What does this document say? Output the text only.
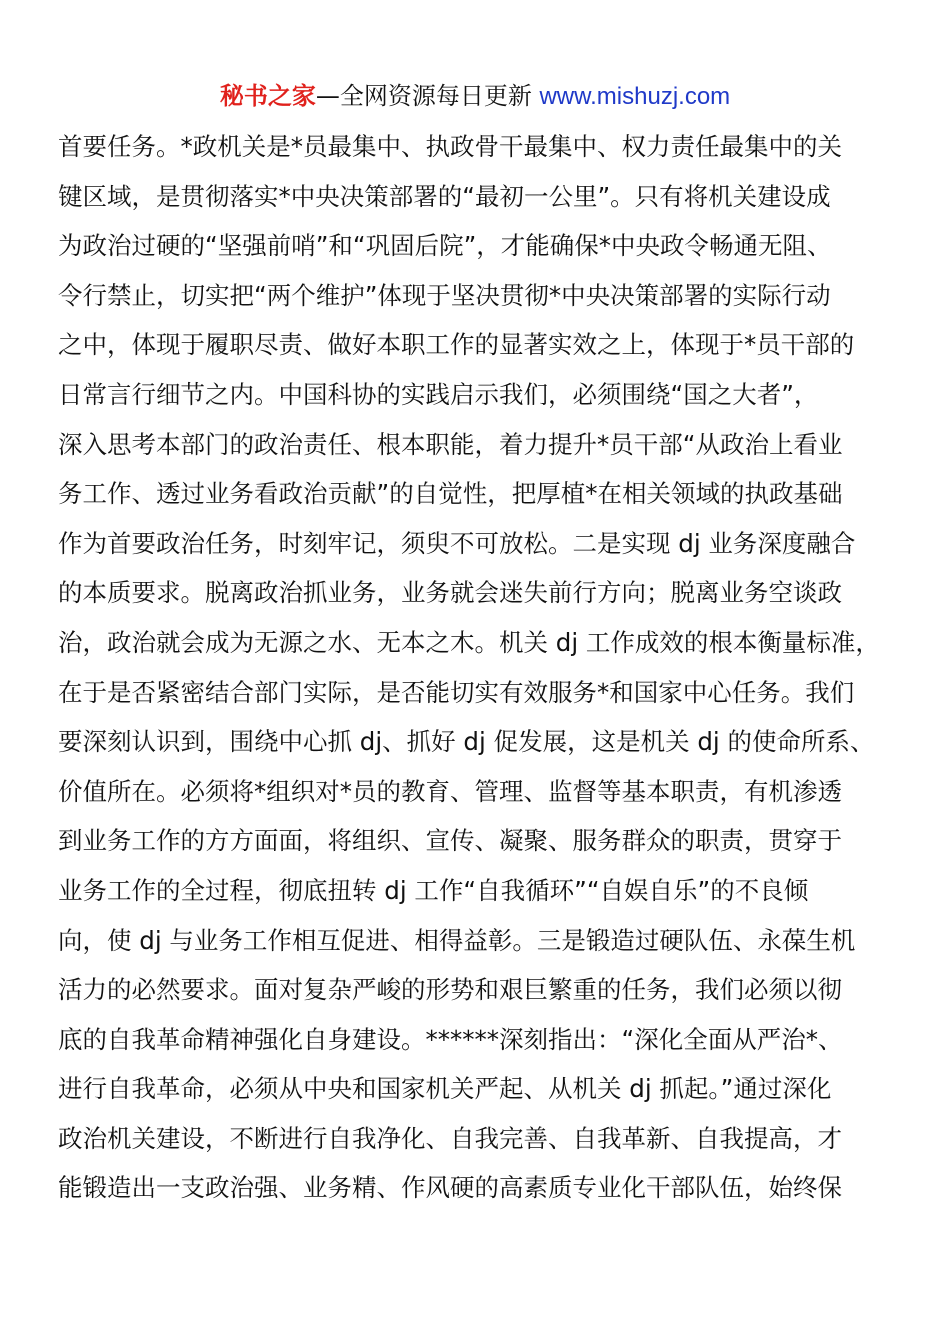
秘书之家—全网资源每日更新 www.mishuzj.com
首要任务。*政机关是*员最集中、执政骨干最集中、权力责任最集中的关
键区域，是贯彻落实*中央决策部署的“最初一公里”。只有将机关建设成
为政治过硬的“坚强前哨”和“巩固后院”，才能确保*中央政令畅通无阻、
令行禁止，切实把“两个维护”体现于坚决贯彻*中央决策部署的实际行动
之中，体现于履职尽责、做好本职工作的显著实效之上，体现于*员干部的
日常言行细节之内。中国科协的实践启示我们，必须围绕“国之大者”，
深入思考本部门的政治责任、根本职能，着力提升*员干部“从政治上看业
务工作、透过业务看政治贡献”的自觉性，把厚植*在相关领域的执政基础
作为首要政治任务，时刻牢记，须臾不可放松。二是实现 dj 业务深度融合
的本质要求。脱离政治抓业务，业务就会迷失前行方向；脱离业务空谈政
治，政治就会成为无源之水、无本之木。机关 dj 工作成效的根本衡量标准，
在于是否紧密结合部门实际，是否能切实有效服务*和国家中心任务。我们
要深刻认识到，围绕中心抓 dj、抓好 dj 促发展，这是机关 dj 的使命所系、
价值所在。必须将*组织对*员的教育、管理、监督等基本职责，有机渗透
到业务工作的方方面面，将组织、宣传、凝聚、服务群众的职责，贯穿于
业务工作的全过程，彻底扭转 dj 工作“自我循环”“自娱自乐”的不良倾
向，使 dj 与业务工作相互促进、相得益彰。三是锻造过硬队伍、永葆生机
活力的必然要求。面对复杂严峻的形势和艰巨繁重的任务，我们必须以彻
底的自我革命精神强化自身建设。******深刻指出：“深化全面从严治*、
进行自我革命，必须从中央和国家机关严起、从机关 dj 抓起。”通过深化
政治机关建设，不断进行自我净化、自我完善、自我革新、自我提高，才
能锻造出一支政治强、业务精、作风硬的高素质专业化干部队伍，始终保
